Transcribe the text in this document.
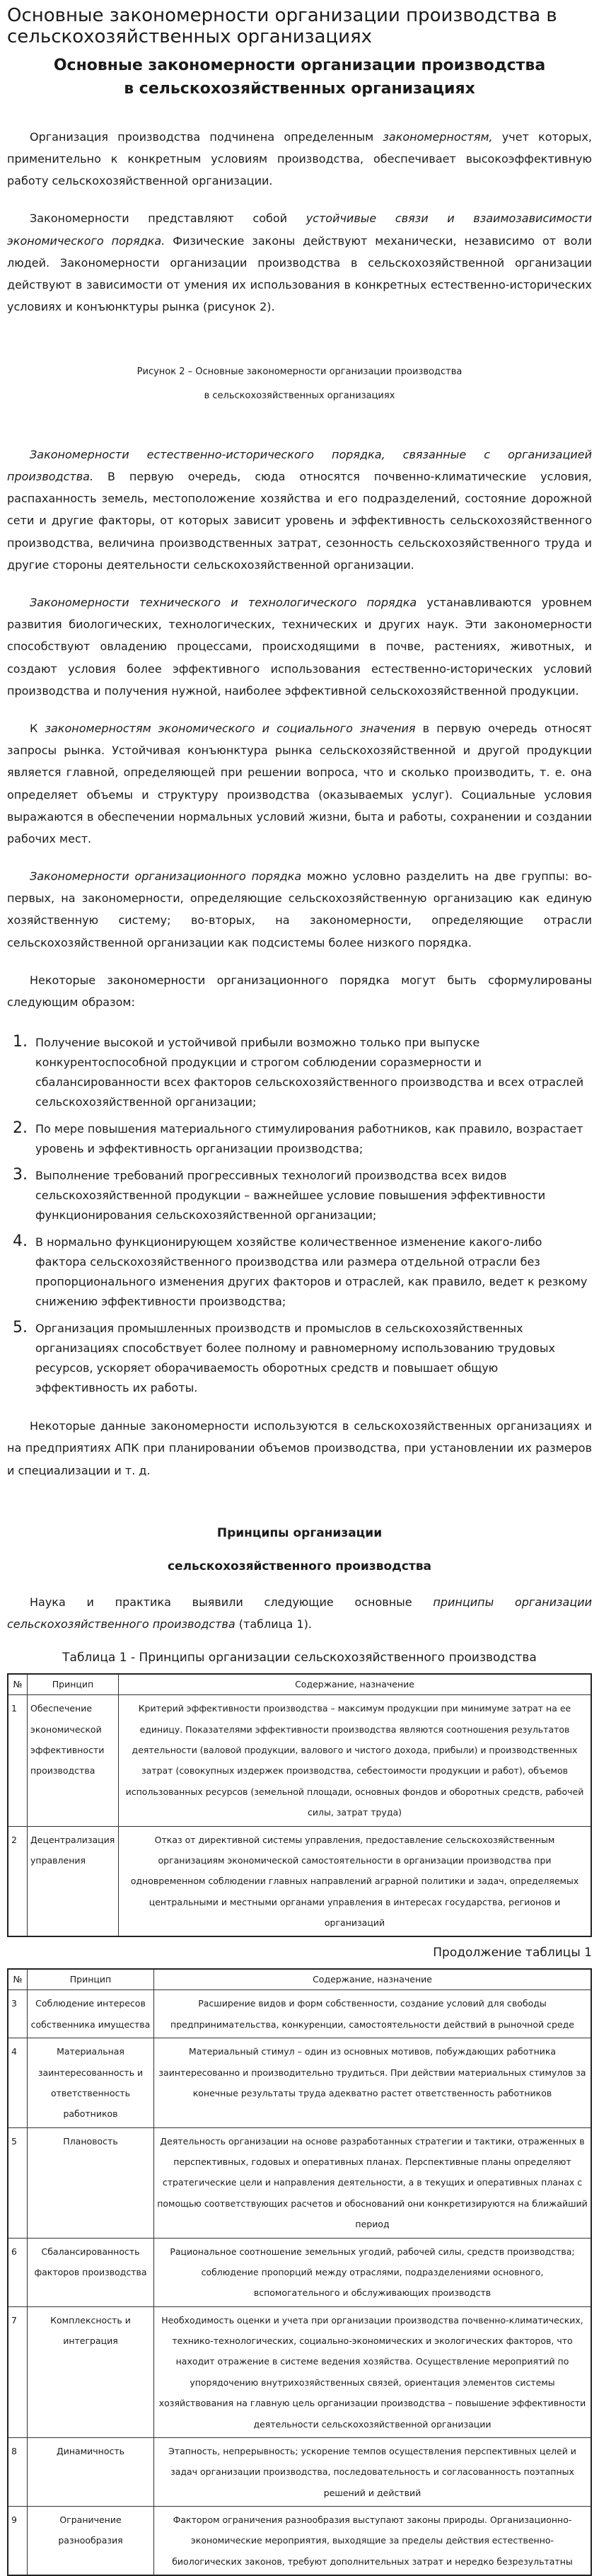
Основные закономерности организации производства в сельскохозяйственных организациях
Основные закономерности организации производства
в сельскохозяйственных организациях

Организация производства подчинена определенным закономерностям, учет которых, применительно к конкретным условиям производства, обеспечивает высокоэффективную работу сельскохозяйственной организации.

Закономерности представляют собой устойчивые связи и взаимозависимости экономического порядка. Физические законы действуют механически, независимо от воли людей. Закономерности организации производства в сельскохозяйственной организации действуют в зависимости от умения их использования в конкретных естественно-исторических условиях и конъюнктуры рынка (рисунок 2).

Рисунок 2 – Основные закономерности организации производства
в сельскохозяйственных организациях

Закономерности естественно-исторического порядка, связанные с организацией производства. В первую очередь, сюда относятся почвенно-климатические условия, распаханность земель, местоположение хозяйства и его подразделений, состояние дорожной сети и другие факторы, от которых зависит уровень и эффективность сельскохозяйственного производства, величина производственных затрат, сезонность сельскохозяйственного труда и другие стороны деятельности сельскохозяйственной организации.

Закономерности технического и технологического порядка устанавливаются уровнем развития биологических, технологических, технических и других наук. Эти закономерности способствуют овладению процессами, происходящими в почве, растениях, животных, и создают условия более эффективного использования естественно-исторических условий производства и получения нужной, наиболее эффективной сельскохозяйственной продукции.

К закономерностям экономического и социального значения в первую очередь относят запросы рынка. Устойчивая конъюнктура рынка сельскохозяйственной и другой продукции является главной, определяющей при решении вопроса, что и сколько производить, т. е. она определяет объемы и структуру производства (оказываемых услуг). Социальные условия выражаются в обеспечении нормальных условий жизни, быта и работы, сохранении и создании рабочих мест.

Закономерности организационного порядка можно условно разделить на две группы: во-первых, на закономерности, определяющие сельскохозяйственную организацию как единую хозяйственную систему; во-вторых, на закономерности, определяющие отрасли сельскохозяйственной организации как подсистемы более низкого порядка.

Некоторые закономерности организационного порядка могут быть сформулированы следующим образом:

1. Получение высокой и устойчивой прибыли возможно только при выпуске конкурентоспособной продукции и строгом соблюдении соразмерности и сбалансированности всех факторов сельскохозяйственного производства и всех отраслей сельскохозяйственной организации;
2. По мере повышения материального стимулирования работников, как правило, возрастает уровень и эффективность организации производства;
3. Выполнение требований прогрессивных технологий производства всех видов сельскохозяйственной продукции – важнейшее условие повышения эффективности функционирования сельскохозяйственной организации;
4. В нормально функционирующем хозяйстве количественное изменение какого-либо фактора сельскохозяйственного производства или размера отдельной отрасли без пропорционального изменения других факторов и отраслей, как правило, ведет к резкому снижению эффективности производства;
5. Организация промышленных производств и промыслов в сельскохозяйственных организациях способствует более полному и равномерному использованию трудовых ресурсов, ускоряет оборачиваемость оборотных средств и повышает общую эффективность их работы.

Некоторые данные закономерности используются в сельскохозяйственных организациях и на предприятиях АПК при планировании объемов производства, при установлении их размеров и специализации и т. д.

Принципы организации
сельскохозяйственного производства

Наука и практика выявили следующие основные принципы организации сельскохозяйственного производства (таблица 1).

Таблица 1 - Принципы организации сельскохозяйственного производства
№	Принцип	Содержание, назначение
1	Обеспечение экономической эффективности производства	Критерий эффективности производства – максимум продукции при минимуме затрат на ее единицу. Показателями эффективности производства являются соотношения результатов деятельности (валовой продукции, валового и чистого дохода, прибыли) и производственных затрат (совокупных издержек производства, себестоимости продукции и работ), объемов использованных ресурсов (земельной площади, основных фондов и оборотных средств, рабочей силы, затрат труда)
2	Децентрализация управления	Отказ от директивной системы управления, предоставление сельскохозяйственным организациям экономической самостоятельности в организации производства при одновременном соблюдении главных направлений аграрной политики и задач, определяемых центральными и местными органами управления в интересах государства, регионов и организаций
Продолжение таблицы 1
№	Принцип	Содержание, назначение
3	Соблюдение интересов собственника имущества	Расширение видов и форм собственности, создание условий для свободы предпринимательства, конкуренции, самостоятельности действий в рыночной среде
4	Материальная заинтересованность и ответственность работников	Материальный стимул – один из основных мотивов, побуждающих работника заинтересованно и производительно трудиться. При действии материальных стимулов за конечные результаты труда адекватно растет ответственность работников
5	Плановость	Деятельность организации на основе разработанных стратегии и тактики, отраженных в перспективных, годовых и оперативных планах. Перспективные планы определяют стратегические цели и направления деятельности, а в текущих и оперативных планах с помощью соответствующих расчетов и обоснований они конкретизируются на ближайший период
6	Сбалансированность факторов производства	Рациональное соотношение земельных угодий, рабочей силы, средств производства; соблюдение пропорций между отраслями, подразделениями основного, вспомогательного и обслуживающих производств
7	Комплексность и интеграция	Необходимость оценки и учета при организации производства почвенно-климатических, технико-технологических, социально-экономических и экологических факторов, что находит отражение в системе ведения хозяйства. Осуществление мероприятий по упорядочению внутрихозяйственных связей, ориентация элементов системы хозяйствования на главную цель организации производства – повышение эффективности деятельности сельскохозяйственной организации
8	Динамичность	Этапность, непрерывность; ускорение темпов осуществления перспективных целей и задач организации производства, последовательность и согласованность поэтапных решений и действий
9	Ограничение разнообразия	Фактором ограничения разнообразия выступают законы природы. Организационно-экономические мероприятия, выходящие за пределы действия естественно-биологических законов, требуют дополнительных затрат и нередко безрезультатны
